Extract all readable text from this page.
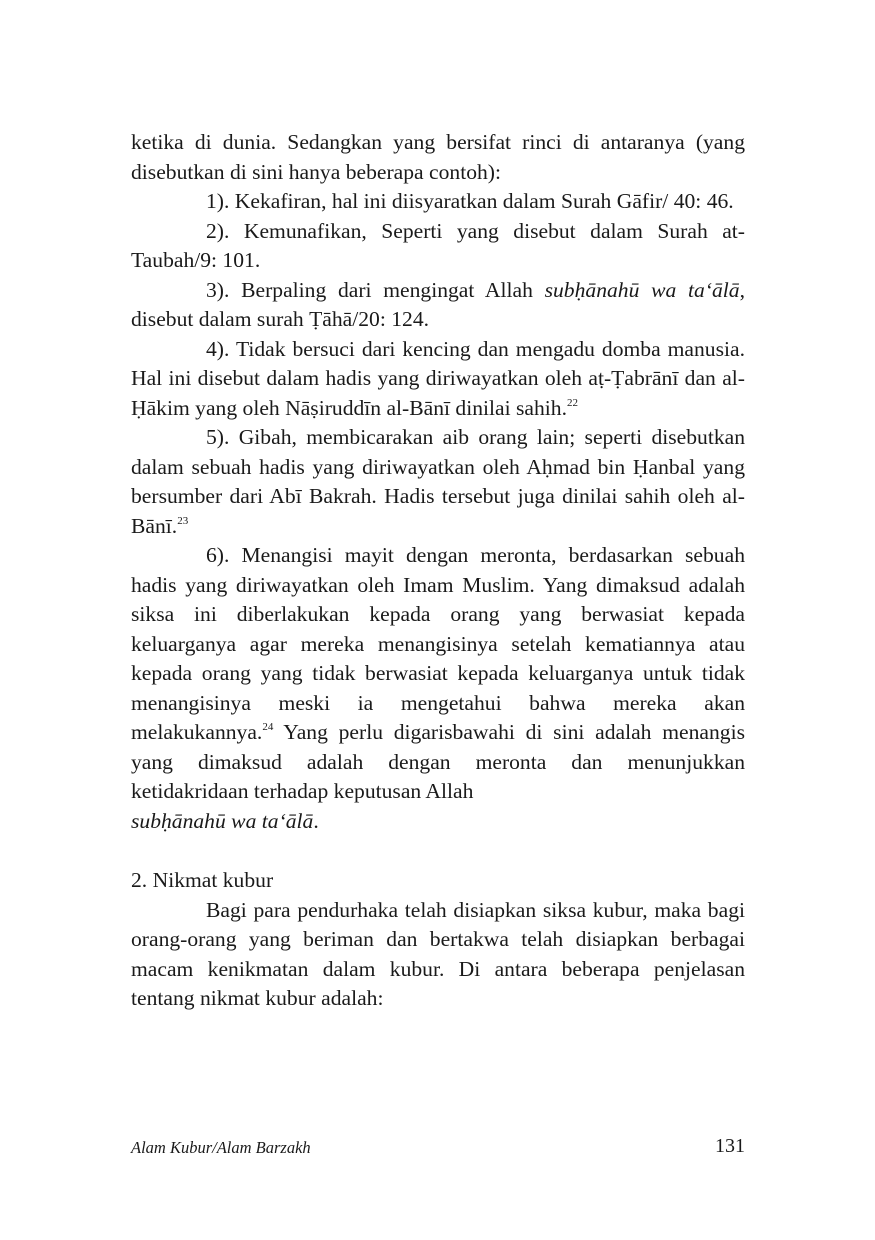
ketika di dunia. Sedangkan yang bersifat rinci di antaranya (yang disebutkan di sini hanya beberapa contoh):

1). Kekafiran, hal ini diisyaratkan dalam Surah Gāfir/ 40: 46.

2). Kemunafikan, Seperti yang disebut dalam Surah at-Taubah/9: 101.

3). Berpaling dari mengingat Allah subḥānahū wa ta‘ālā, disebut dalam surah Ṭāhā/20: 124.

4). Tidak bersuci dari kencing dan mengadu domba manusia. Hal ini disebut dalam hadis yang diriwayatkan oleh aṭ-Ṭabrānī dan al-Ḥākim yang oleh Nāṣiruddīn al-Bānī dinilai sahih.$^{22}$

5). Gibah, membicarakan aib orang lain; seperti disebutkan dalam sebuah hadis yang diriwayatkan oleh Aḥmad bin Ḥanbal yang bersumber dari Abī Bakrah. Hadis tersebut juga dinilai sahih oleh al-Bānī.$^{23}$

6). Menangisi mayit dengan meronta, berdasarkan sebuah hadis yang diriwayatkan oleh Imam Muslim. Yang dimaksud adalah siksa ini diberlakukan kepada orang yang berwasiat kepada keluarganya agar mereka menangisinya setelah kematiannya atau kepada orang yang tidak berwasiat kepada keluarganya untuk tidak menangisinya meski ia mengetahui bahwa mereka akan melakukannya.$^{24}$ Yang perlu digarisbawahi di sini adalah menangis yang dimaksud adalah dengan meronta dan menunjukkan ketidakridaan terhadap keputusan Allah
subḥānahū wa ta‘ālā.

2. Nikmat kubur

Bagi para pendurhaka telah disiapkan siksa kubur, maka bagi orang-orang yang beriman dan bertakwa telah disiapkan berbagai macam kenikmatan dalam kubur. Di antara beberapa penjelasan tentang nikmat kubur adalah:

Alam Kubur/Alam Barzakh	131
